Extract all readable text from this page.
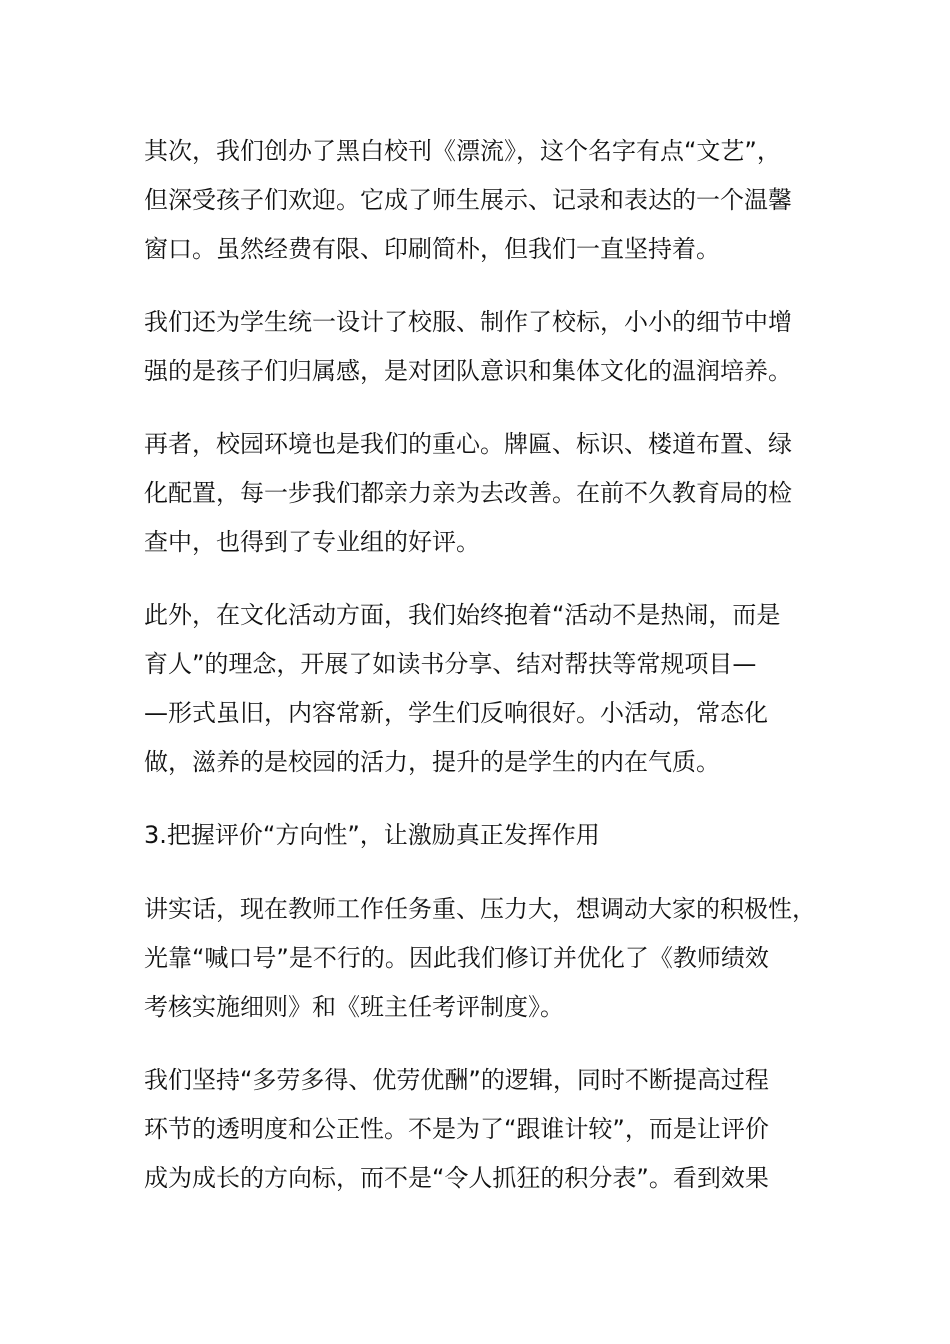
其次，我们创办了黑白校刊《漂流》，这个名字有点“文艺”，

但深受孩子们欢迎。它成了师生展示、记录和表达的一个温馨

窗口。虽然经费有限、印刷简朴，但我们一直坚持着。

我们还为学生统一设计了校服、制作了校标，小小的细节中增

强的是孩子们归属感，是对团队意识和集体文化的温润培养。

再者，校园环境也是我们的重心。牌匾、标识、楼道布置、绿

化配置，每一步我们都亲力亲为去改善。在前不久教育局的检

查中，也得到了专业组的好评。

此外，在文化活动方面，我们始终抱着“活动不是热闹，而是

育人”的理念，开展了如读书分享、结对帮扶等常规项目—

—形式虽旧，内容常新，学生们反响很好。小活动，常态化

做，滋养的是校园的活力，提升的是学生的内在气质。

3.把握评价“方向性”，让激励真正发挥作用

讲实话，现在教师工作任务重、压力大，想调动大家的积极性，

光靠“喊口号”是不行的。因此我们修订并优化了《教师绩效

考核实施细则》和《班主任考评制度》。

我们坚持“多劳多得、优劳优酬”的逻辑，同时不断提高过程

环节的透明度和公正性。不是为了“跟谁计较”，而是让评价

成为成长的方向标，而不是“令人抓狂的积分表”。看到效果
